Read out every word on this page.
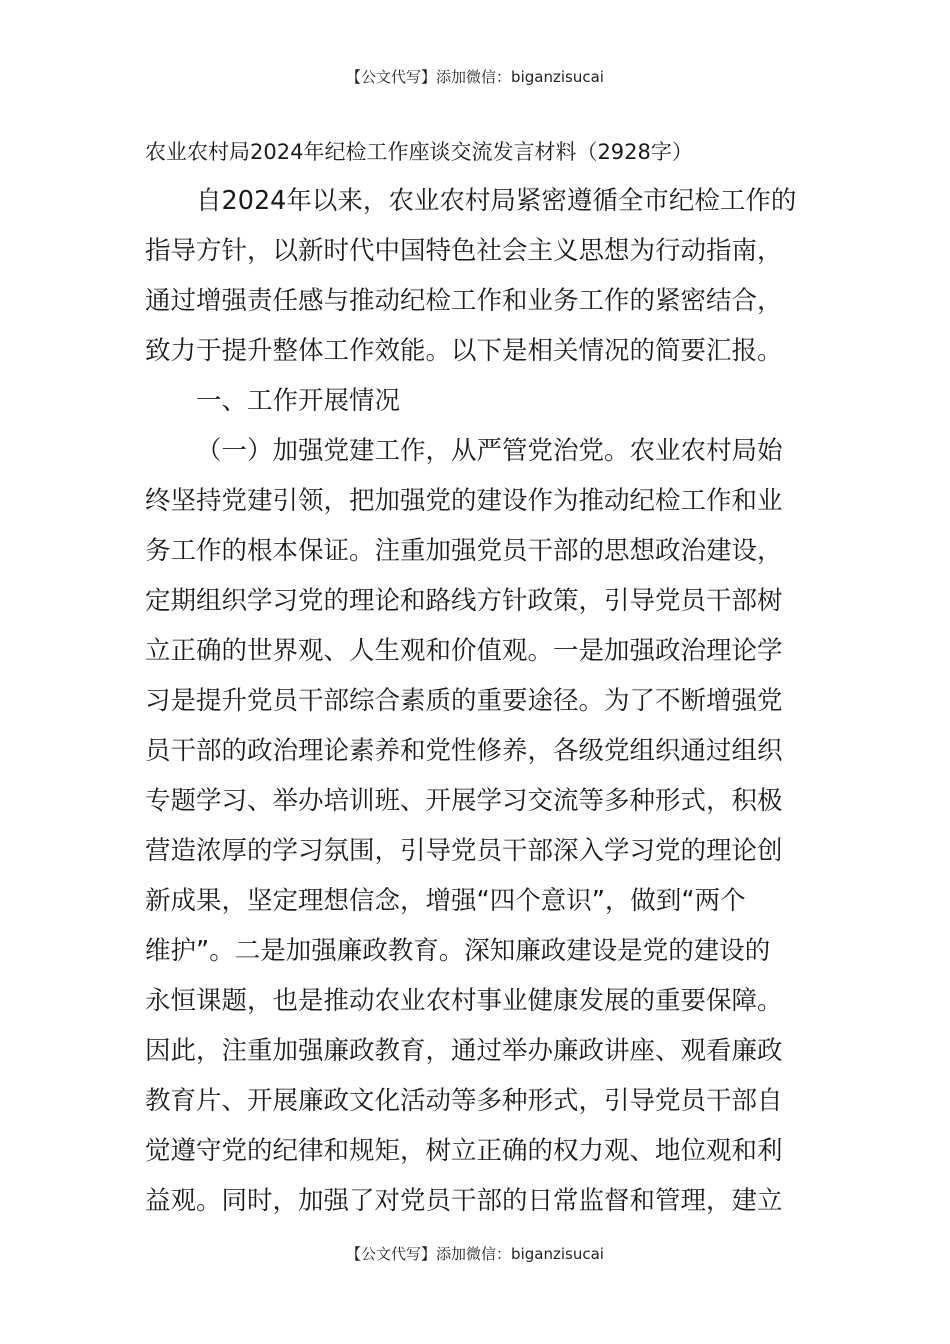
【公文代写】添加微信：biganzisucai
农业农村局2024年纪检工作座谈交流发言材料（2928字）
自2024年以来，农业农村局紧密遵循全市纪检工作的
指导方针，以新时代中国特色社会主义思想为行动指南，
通过增强责任感与推动纪检工作和业务工作的紧密结合，
致力于提升整体工作效能。以下是相关情况的简要汇报。
一、工作开展情况
（一）加强党建工作，从严管党治党。农业农村局始
终坚持党建引领，把加强党的建设作为推动纪检工作和业
务工作的根本保证。注重加强党员干部的思想政治建设，
定期组织学习党的理论和路线方针政策，引导党员干部树
立正确的世界观、人生观和价值观。一是加强政治理论学
习是提升党员干部综合素质的重要途径。为了不断增强党
员干部的政治理论素养和党性修养，各级党组织通过组织
专题学习、举办培训班、开展学习交流等多种形式，积极
营造浓厚的学习氛围，引导党员干部深入学习党的理论创
新成果，坚定理想信念，增强“四个意识”，做到“两个
维护”。二是加强廉政教育。深知廉政建设是党的建设的
永恒课题，也是推动农业农村事业健康发展的重要保障。
因此，注重加强廉政教育，通过举办廉政讲座、观看廉政
教育片、开展廉政文化活动等多种形式，引导党员干部自
觉遵守党的纪律和规矩，树立正确的权力观、地位观和利
益观。同时，加强了对党员干部的日常监督和管理，建立
【公文代写】添加微信：biganzisucai
